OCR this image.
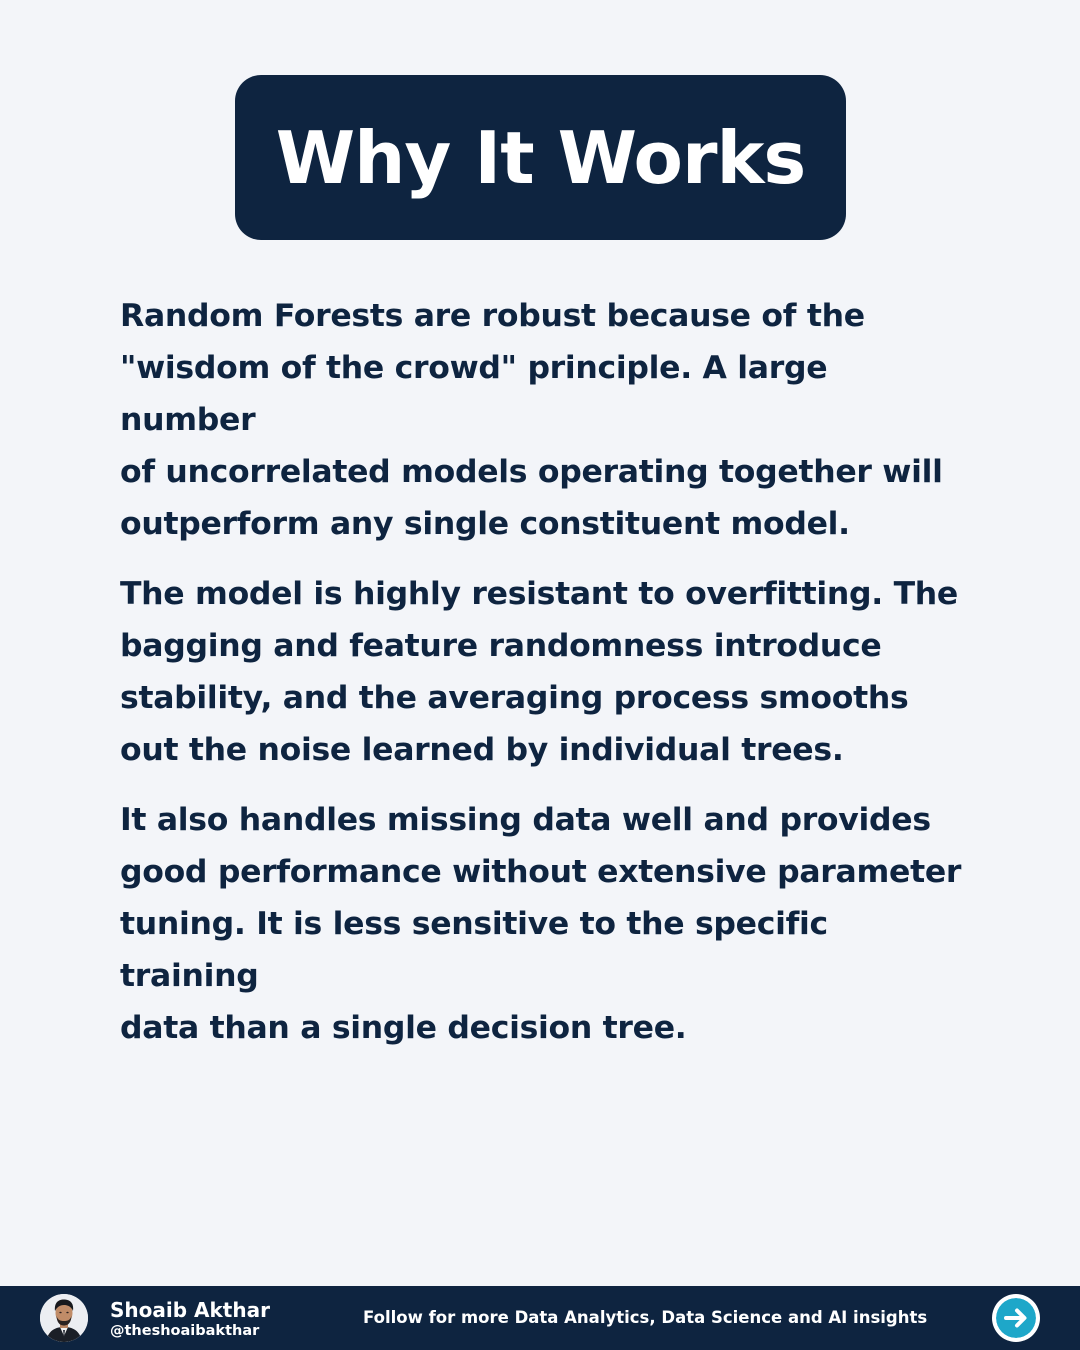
Why It Works

Random Forests are robust because of the
"wisdom of the crowd" principle. A large number
of uncorrelated models operating together will
outperform any single constituent model.

The model is highly resistant to overfitting. The
bagging and feature randomness introduce
stability, and the averaging process smooths
out the noise learned by individual trees.

It also handles missing data well and provides
good performance without extensive parameter
tuning. It is less sensitive to the specific training
data than a single decision tree.

Shoaib Akthar
@theshoaibakthar
Follow for more Data Analytics, Data Science and AI insights
